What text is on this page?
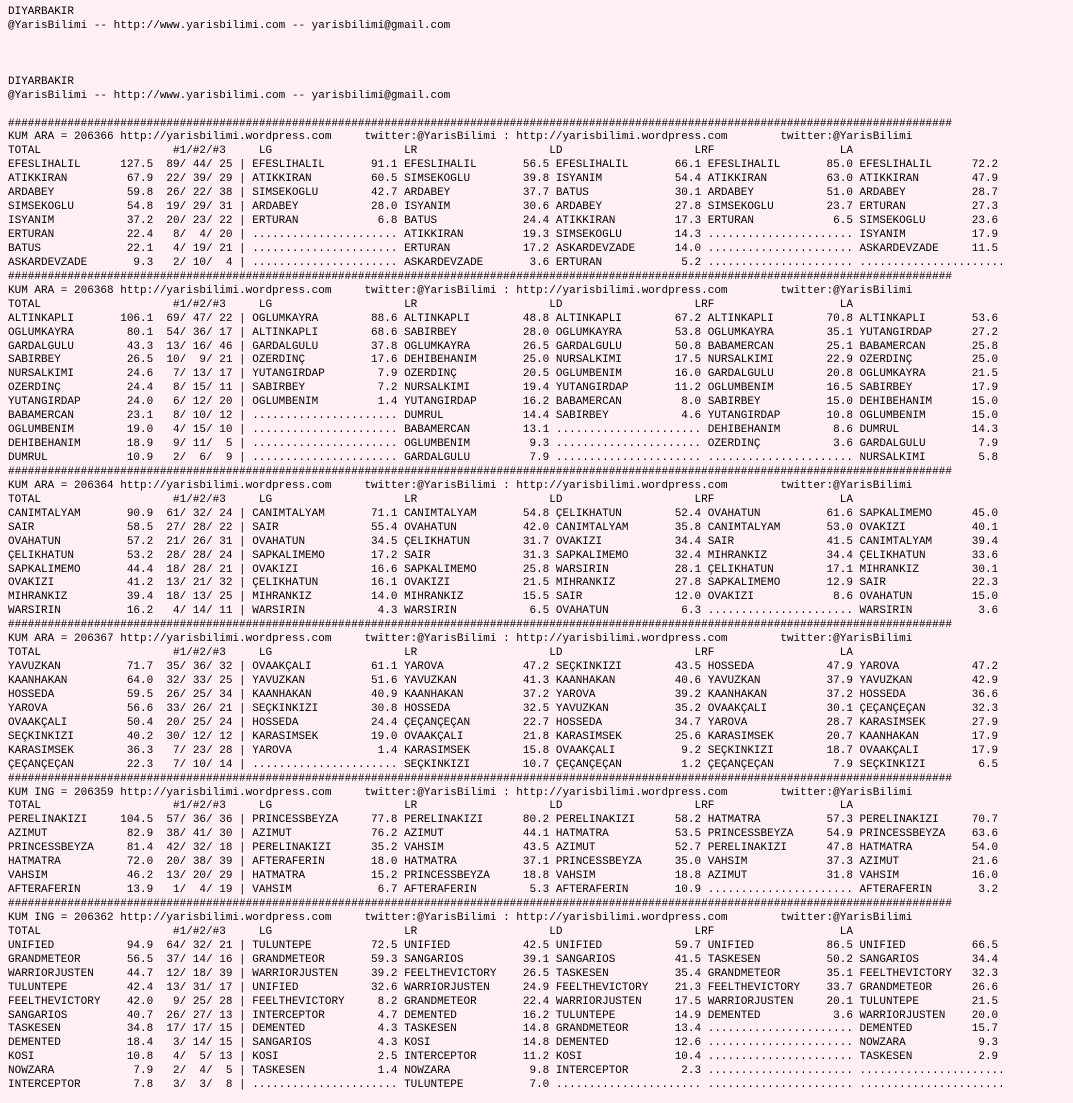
DIYARBAKIR
@YarisBilimi -- http://www.yarisbilimi.com -- yarisbilimi@gmail.com
DIYARBAKIR
@YarisBilimi -- http://www.yarisbilimi.com -- yarisbilimi@gmail.com
###############################################################################################################################################
KUM ARA = 206366 http://yarisbilimi.wordpress.com     twitter:@YarisBilimi : http://yarisbilimi.wordpress.com        twitter:@YarisBilimi
TOTAL                    #1/#2/#3     LG                    LR                    LD                    LRF                   LA
EFESLIHALIL      127.5  89/ 44/ 25 | EFESLIHALIL       91.1 EFESLIHALIL       56.5 EFESLIHALIL       66.1 EFESLIHALIL       85.0 EFESLIHALIL      72.2
ATIKKIRAN         67.9  22/ 39/ 29 | ATIKKIRAN         60.5 SIMSEKOGLU        39.8 ISYANIM           54.4 ATIKKIRAN         63.0 ATIKKIRAN        47.9
ARDABEY           59.8  26/ 22/ 38 | SIMSEKOGLU        42.7 ARDABEY           37.7 BATUS             30.1 ARDABEY           51.0 ARDABEY          28.7
SIMSEKOGLU        54.8  19/ 29/ 31 | ARDABEY           28.0 ISYANIM           30.6 ARDABEY           27.8 SIMSEKOGLU        23.7 ERTURAN          27.3
ISYANIM           37.2  20/ 23/ 22 | ERTURAN            6.8 BATUS             24.4 ATIKKIRAN         17.3 ERTURAN            6.5 SIMSEKOGLU       23.6
ERTURAN           22.4   8/  4/ 20 | ...................... ATIKKIRAN         19.3 SIMSEKOGLU        14.3 ...................... ISYANIM          17.9
BATUS             22.1   4/ 19/ 21 | ...................... ERTURAN           17.2 ASKARDEVZADE      14.0 ...................... ASKARDEVZADE     11.5
ASKARDEVZADE       9.3   2/ 10/  4 | ...................... ASKARDEVZADE       3.6 ERTURAN            5.2 ...................... ......................
###############################################################################################################################################
KUM ARA = 206368 http://yarisbilimi.wordpress.com     twitter:@YarisBilimi : http://yarisbilimi.wordpress.com        twitter:@YarisBilimi
TOTAL                    #1/#2/#3     LG                    LR                    LD                    LRF                   LA
ALTINKAPLI       106.1  69/ 47/ 22 | OGLUMKAYRA        88.6 ALTINKAPLI        48.8 ALTINKAPLI        67.2 ALTINKAPLI        70.8 ALTINKAPLI       53.6
OGLUMKAYRA        80.1  54/ 36/ 17 | ALTINKAPLI        68.6 SABIRBEY          28.0 OGLUMKAYRA        53.8 OGLUMKAYRA        35.1 YUTANGIRDAP      27.2
GARDALGÜLÜ        43.3  13/ 16/ 46 | GARDALGÜLÜ        37.8 OGLUMKAYRA        26.5 GARDALGÜLÜ        50.8 BABAMERCAN        25.1 BABAMERCAN       25.8
SABIRBEY          26.5  10/  9/ 21 | ÖZERDINÇ          17.6 DEHIBEHANIM       25.0 NURSALKIMI        17.5 NURSALKIMI        22.9 ÖZERDINÇ         25.0
NURSALKIMI        24.6   7/ 13/ 17 | YUTANGIRDAP        7.9 ÖZERDINÇ          20.5 OGLUMBENIM        16.0 GARDALGÜLÜ        20.8 OGLUMKAYRA       21.5
ÖZERDINÇ          24.4   8/ 15/ 11 | SABIRBEY           7.2 NURSALKIMI        19.4 YUTANGIRDAP       11.2 OGLUMBENIM        16.5 SABIRBEY         17.9
YUTANGIRDAP       24.0   6/ 12/ 20 | OGLUMBENIM         1.4 YUTANGIRDAP       16.2 BABAMERCAN         8.0 SABIRBEY          15.0 DEHIBEHANIM      15.0
BABAMERCAN        23.1   8/ 10/ 12 | ...................... DUMRUL            14.4 SABIRBEY           4.6 YUTANGIRDAP       10.8 OGLUMBENIM       15.0
OGLUMBENIM        19.0   4/ 15/ 10 | ...................... BABAMERCAN        13.1 ...................... DEHIBEHANIM        8.6 DUMRUL           14.3
DEHIBEHANIM       18.9   9/ 11/  5 | ...................... OGLUMBENIM         9.3 ...................... ÖZERDINÇ           3.6 GARDALGÜLÜ        7.9
DUMRUL            10.9   2/  6/  9 | ...................... GARDALGÜLÜ         7.9 ...................... ...................... NURSALKIMI        5.8
###############################################################################################################################################
KUM ARA = 206364 http://yarisbilimi.wordpress.com     twitter:@YarisBilimi : http://yarisbilimi.wordpress.com        twitter:@YarisBilimi
TOTAL                    #1/#2/#3     LG                    LR                    LD                    LRF                   LA
CANIMTALYAM       90.9  61/ 32/ 24 | CANIMTALYAM       71.1 CANIMTALYAM       54.8 ÇELIKHATUN        52.4 OVAHATUN          61.6 SAPKALIMEMO      45.0
SAIR              58.5  27/ 28/ 22 | SAIR              55.4 OVAHATUN          42.0 CANIMTALYAM       35.8 CANIMTALYAM       53.0 OVAKIZI          40.1
OVAHATUN          57.2  21/ 26/ 31 | OVAHATUN          34.5 ÇELIKHATUN        31.7 OVAKIZI           34.4 SAIR              41.5 CANIMTALYAM      39.4
ÇELIKHATUN        53.2  28/ 28/ 24 | SAPKALIMEMO       17.2 SAIR              31.3 SAPKALIMEMO       32.4 MIHRANKIZ         34.4 ÇELIKHATUN       33.6
SAPKALIMEMO       44.4  18/ 28/ 21 | OVAKIZI           16.6 SAPKALIMEMO       25.8 WARSIRIN          28.1 ÇELIKHATUN        17.1 MIHRANKIZ        30.1
OVAKIZI           41.2  13/ 21/ 32 | ÇELIKHATUN        16.1 OVAKIZI           21.5 MIHRANKIZ         27.8 SAPKALIMEMO       12.9 SAIR             22.3
MIHRANKIZ         39.4  18/ 13/ 25 | MIHRANKIZ         14.0 MIHRANKIZ         15.5 SAIR              12.0 OVAKIZI            8.6 OVAHATUN         15.0
WARSIRIN          16.2   4/ 14/ 11 | WARSIRIN           4.3 WARSIRIN           6.5 OVAHATUN           6.3 ...................... WARSIRIN          3.6
###############################################################################################################################################
KUM ARA = 206367 http://yarisbilimi.wordpress.com     twitter:@YarisBilimi : http://yarisbilimi.wordpress.com        twitter:@YarisBilimi
TOTAL                    #1/#2/#3     LG                    LR                    LD                    LRF                   LA
YAVUZKAN          71.7  35/ 36/ 32 | OVAAKÇALI         61.1 YAROVA            47.2 SEÇKINKIZI        43.5 HOSSEDA           47.9 YAROVA           47.2
KAANHAKAN         64.0  32/ 33/ 25 | YAVUZKAN          51.6 YAVUZKAN          41.3 KAANHAKAN         40.6 YAVUZKAN          37.9 YAVUZKAN         42.9
HOSSEDA           59.5  26/ 25/ 34 | KAANHAKAN         40.9 KAANHAKAN         37.2 YAROVA            39.2 KAANHAKAN         37.2 HOSSEDA          36.6
YAROVA            56.6  33/ 26/ 21 | SEÇKINKIZI        30.8 HOSSEDA           32.5 YAVUZKAN          35.2 OVAAKÇALI         30.1 ÇEÇANÇEÇAN       32.3
OVAAKÇALI         50.4  20/ 25/ 24 | HOSSEDA           24.4 ÇEÇANÇEÇAN        22.7 HOSSEDA           34.7 YAROVA            28.7 KARASIMSEK       27.9
SEÇKINKIZI        40.2  30/ 12/ 12 | KARASIMSEK        19.0 OVAAKÇALI         21.8 KARASIMSEK        25.6 KARASIMSEK        20.7 KAANHAKAN        17.9
KARASIMSEK        36.3   7/ 23/ 28 | YAROVA             1.4 KARASIMSEK        15.8 OVAAKÇALI          9.2 SEÇKINKIZI        18.7 OVAAKÇALI        17.9
ÇEÇANÇEÇAN        22.3   7/ 10/ 14 | ...................... SEÇKINKIZI        10.7 ÇEÇANÇEÇAN         1.2 ÇEÇANÇEÇAN         7.9 SEÇKINKIZI        6.5
###############################################################################################################################################
KUM ING = 206359 http://yarisbilimi.wordpress.com     twitter:@YarisBilimi : http://yarisbilimi.wordpress.com        twitter:@YarisBilimi
TOTAL                    #1/#2/#3     LG                    LR                    LD                    LRF                   LA
PERELINAKIZI     104.5  57/ 36/ 36 | PRINCESSBEYZA     77.8 PERELINAKIZI      80.2 PERELINAKIZI      58.2 HATMATRA          57.3 PERELINAKIZI     70.7
AZIMUT            82.9  38/ 41/ 30 | AZIMUT            76.2 AZIMUT            44.1 HATMATRA          53.5 PRINCESSBEYZA     54.9 PRINCESSBEYZA    63.6
PRINCESSBEYZA     81.4  42/ 32/ 18 | PERELINAKIZI      35.2 VAHSIM            43.5 AZIMUT            52.7 PERELINAKIZI      47.8 HATMATRA         54.0
HATMATRA          72.0  20/ 38/ 39 | AFTERAFERIN       18.0 HATMATRA          37.1 PRINCESSBEYZA     35.0 VAHSIM            37.3 AZIMUT           21.6
VAHSIM            46.2  13/ 20/ 29 | HATMATRA          15.2 PRINCESSBEYZA     18.8 VAHSIM            18.8 AZIMUT            31.8 VAHSIM           16.0
AFTERAFERIN       13.9   1/  4/ 19 | VAHSIM             6.7 AFTERAFERIN        5.3 AFTERAFERIN       10.9 ...................... AFTERAFERIN       3.2
###############################################################################################################################################
KUM ING = 206362 http://yarisbilimi.wordpress.com     twitter:@YarisBilimi : http://yarisbilimi.wordpress.com        twitter:@YarisBilimi
TOTAL                    #1/#2/#3     LG                    LR                    LD                    LRF                   LA
UNIFIED           94.9  64/ 32/ 21 | TÜLÜNTEPE         72.5 UNIFIED           42.5 UNIFIED           59.7 UNIFIED           86.5 UNIFIED          66.5
GRANDMETEOR       56.5  37/ 14/ 16 | GRANDMETEOR       59.3 SANGARIOS         39.1 SANGARIOS         41.5 TASKESEN          50.2 SANGARIOS        34.4
WARRIORJUSTEN     44.7  12/ 18/ 39 | WARRIORJUSTEN     39.2 FEELTHEVICTORY    26.5 TASKESEN          35.4 GRANDMETEOR       35.1 FEELTHEVICTORY   32.3
TÜLÜNTEPE         42.4  13/ 31/ 17 | UNIFIED           32.6 WARRIORJUSTEN     24.9 FEELTHEVICTORY    21.3 FEELTHEVICTORY    33.7 GRANDMETEOR      26.6
FEELTHEVICTORY    42.0   9/ 25/ 28 | FEELTHEVICTORY     8.2 GRANDMETEOR       22.4 WARRIORJUSTEN     17.5 WARRIORJUSTEN     20.1 TÜLÜNTEPE        21.5
SANGARIOS         40.7  26/ 27/ 13 | INTERCEPTOR        4.7 DEMENTED          16.2 TÜLÜNTEPE         14.9 DEMENTED           3.6 WARRIORJUSTEN    20.0
TASKESEN          34.8  17/ 17/ 15 | DEMENTED           4.3 TASKESEN          14.8 GRANDMETEOR       13.4 ...................... DEMENTED         15.7
DEMENTED          18.4   3/ 14/ 15 | SANGARIOS          4.3 KOSI              14.8 DEMENTED          12.6 ...................... NOWZARA           9.3
KOSI              10.8   4/  5/ 13 | KOSI               2.5 INTERCEPTOR       11.2 KOSI              10.4 ...................... TASKESEN          2.9
NOWZARA            7.9   2/  4/  5 | TASKESEN           1.4 NOWZARA            9.8 INTERCEPTOR        2.3 ...................... ......................
INTERCEPTOR        7.8   3/  3/  8 | ...................... TÜLÜNTEPE          7.0 ...................... ...................... ......................
